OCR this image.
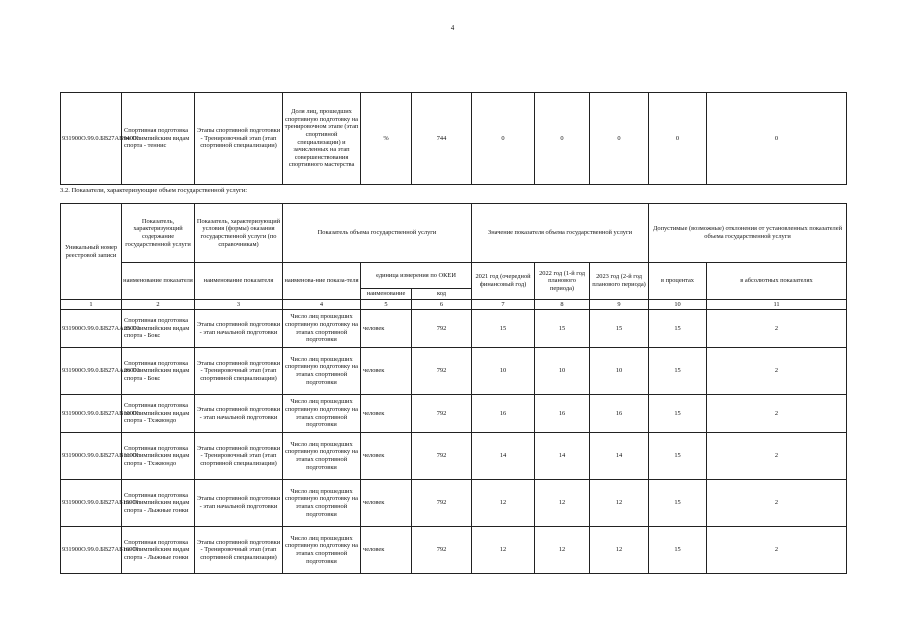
4
931900О.99.0.БВ27АВ94001	Спортивная подготовка по Олимпийским видам спорта - теннис	Этапы спортивной подготовки - Тренировочный этап (этап спортивной специализации)	Доля лиц, прошедших спортивную подготовку на тренировочном этапе (этап спортивной специализации) и зачисленных на этап совершенствования спортивного мастерства	%	744	0	0	0	0	0
3.2. Показатели, характеризующие объем государственной услуги:
Уникальный номер реестровой записи	Показатель, характеризующий содержание государственной услуги	Показатель, характеризующий условия (формы) оказания государственной услуги (по справочникам)	Показатель объема государственной услуги			Значение показателя объема государственной услуги			Допустимые (возможные) отклонения от установленных показателей объема государственной услуги	
	наименование показателя	наименование показателя	наименова-ние показа-теля	единица измерения по ОКЕИ		2021 год (очередной финансовый год)	2022 год (1-й год планового периода)	2023 год (2-й год планового периода)	в процентах	в абсолютных показателях
				наименование	код					
1	2	3	4	5	6	7	8	9	10	11
931900О.99.0.БВ27АА25001	Спортивная подготовка по Олимпийским видам спорта - Бокс	Этапы спортивной подготовки - этап начальной подготовки	Число лиц прошедших спортивную подготовку на этапах спортивной подготовки	человек	792	15	15	15	15	2
931900О.99.0.БВ27АА26001	Спортивная подготовка по Олимпийским видам спорта - Бокс	Этапы спортивной подготовки - Тренировочный этап (этап спортивной специализации)	Число лиц прошедших спортивную подготовку на этапах спортивной подготовки	человек	792	10	10	10	15	2
931900О.99.0.БВ27АВ10001	Спортивная подготовка по Олимпийским видам спорта - Тхэквондо	Этапы спортивной подготовки - этап начальной подготовки	Число лиц прошедших спортивную подготовку на этапах спортивной подготовки	человек	792	16	16	16	15	2
931900О.99.0.БВ27АВ11001	Спортивная подготовка по Олимпийским видам спорта - Тхэквондо	Этапы спортивной подготовки - Тренировочный этап (этап спортивной специализации)	Число лиц прошедших спортивную подготовку на этапах спортивной подготовки	человек	792	14	14	14	15	2
931900О.99.0.БВ27АБ15001	Спортивная подготовка по Олимпийским видам спорта - Лыжные гонки	Этапы спортивной подготовки - этап начальной подготовки	Число лиц прошедших спортивную подготовку на этапах спортивной подготовки	человек	792	12	12	12	15	2
931900О.99.0.БВ27АБ16001	Спортивная подготовка по Олимпийским видам спорта - Лыжные гонки	Этапы спортивной подготовки - Тренировочный этап (этап спортивной специализации)	Число лиц прошедших спортивную подготовку на этапах спортивной подготовки	человек	792	12	12	12	15	2
